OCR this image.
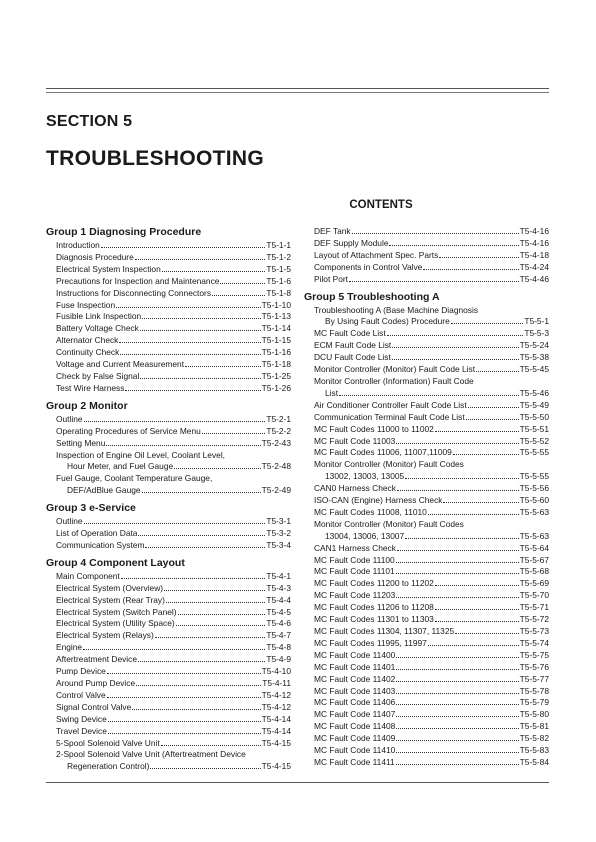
SECTION 5
TROUBLESHOOTING
CONTENTS
Group 1 Diagnosing Procedure
Introduction	T5-1-1
Diagnosis Procedure	T5-1-2
Electrical System Inspection	T5-1-5
Precautions for Inspection and Maintenance	T5-1-6
Instructions for Disconnecting Connectors	T5-1-8
Fuse Inspection	T5-1-10
Fusible Link Inspection	T5-1-13
Battery Voltage Check	T5-1-14
Alternator Check	T5-1-15
Continuity Check	T5-1-16
Voltage and Current Measurement	T5-1-18
Check by False Signal	T5-1-25
Test Wire Harness	T5-1-26
Group 2 Monitor
Outline	T5-2-1
Operating Procedures of Service Menu	T5-2-2
Setting Menu	T5-2-43
Inspection of Engine Oil Level, Coolant Level,
Hour Meter, and Fuel Gauge	T5-2-48
Fuel Gauge, Coolant Temperature Gauge,
DEF/AdBlue Gauge	T5-2-49
Group 3 e-Service
Outline	T5-3-1
List of Operation Data	T5-3-2
Communication System	T5-3-4
Group 4 Component Layout
Main Component	T5-4-1
Electrical System (Overview)	T5-4-3
Electrical System (Rear Tray)	T5-4-4
Electrical System (Switch Panel)	T5-4-5
Electrical System (Utility Space)	T5-4-6
Electrical System (Relays)	T5-4-7
Engine	T5-4-8
Aftertreatment Device	T5-4-9
Pump Device	T5-4-10
Around Pump Device	T5-4-11
Control Valve	T5-4-12
Signal Control Valve	T5-4-12
Swing Device	T5-4-14
Travel Device	T5-4-14
5-Spool Solenoid Valve Unit	T5-4-15
2-Spool Solenoid Valve Unit (Aftertreatment Device
Regeneration Control)	T5-4-15
DEF Tank	T5-4-16
DEF Supply Module	T5-4-16
Layout of Attachment Spec. Parts	T5-4-18
Components in Control Valve	T5-4-24
Pilot Port	T5-4-46
Group 5 Troubleshooting A
Troubleshooting A (Base Machine Diagnosis
By Using Fault Codes) Procedure	T5-5-1
MC Fault Code List	T5-5-3
ECM Fault Code List	T5-5-24
DCU Fault Code List	T5-5-38
Monitor Controller (Monitor) Fault Code List	T5-5-45
Monitor Controller (Information) Fault Code
List	T5-5-46
Air Conditioner Controller Fault Code List	T5-5-49
Communication Terminal Fault Code List	T5-5-50
MC Fault Codes 11000 to 11002	T5-5-51
MC Fault Code 11003	T5-5-52
MC Fault Codes 11006, 11007,11009	T5-5-55
Monitor Controller (Monitor) Fault Codes
13002, 13003, 13005	T5-5-55
CAN0 Harness Check	T5-5-56
ISO-CAN (Engine) Harness Check	T5-5-60
MC Fault Codes 11008, 11010	T5-5-63
Monitor Controller (Monitor) Fault Codes
13004, 13006, 13007	T5-5-63
CAN1 Harness Check	T5-5-64
MC Fault Code 11100	T5-5-67
MC Fault Code 11101	T5-5-68
MC Fault Codes 11200 to 11202	T5-5-69
MC Fault Code 11203	T5-5-70
MC Fault Codes 11206 to 11208	T5-5-71
MC Fault Codes 11301 to 11303	T5-5-72
MC Fault Codes 11304, 11307, 11325	T5-5-73
MC Fault Codes 11995, 11997	T5-5-74
MC Fault Code 11400	T5-5-75
MC Fault Code 11401	T5-5-76
MC Fault Code 11402	T5-5-77
MC Fault Code 11403	T5-5-78
MC Fault Code 11406	T5-5-79
MC Fault Code 11407	T5-5-80
MC Fault Code 11408	T5-5-81
MC Fault Code 11409	T5-5-82
MC Fault Code 11410	T5-5-83
MC Fault Code 11411	T5-5-84
